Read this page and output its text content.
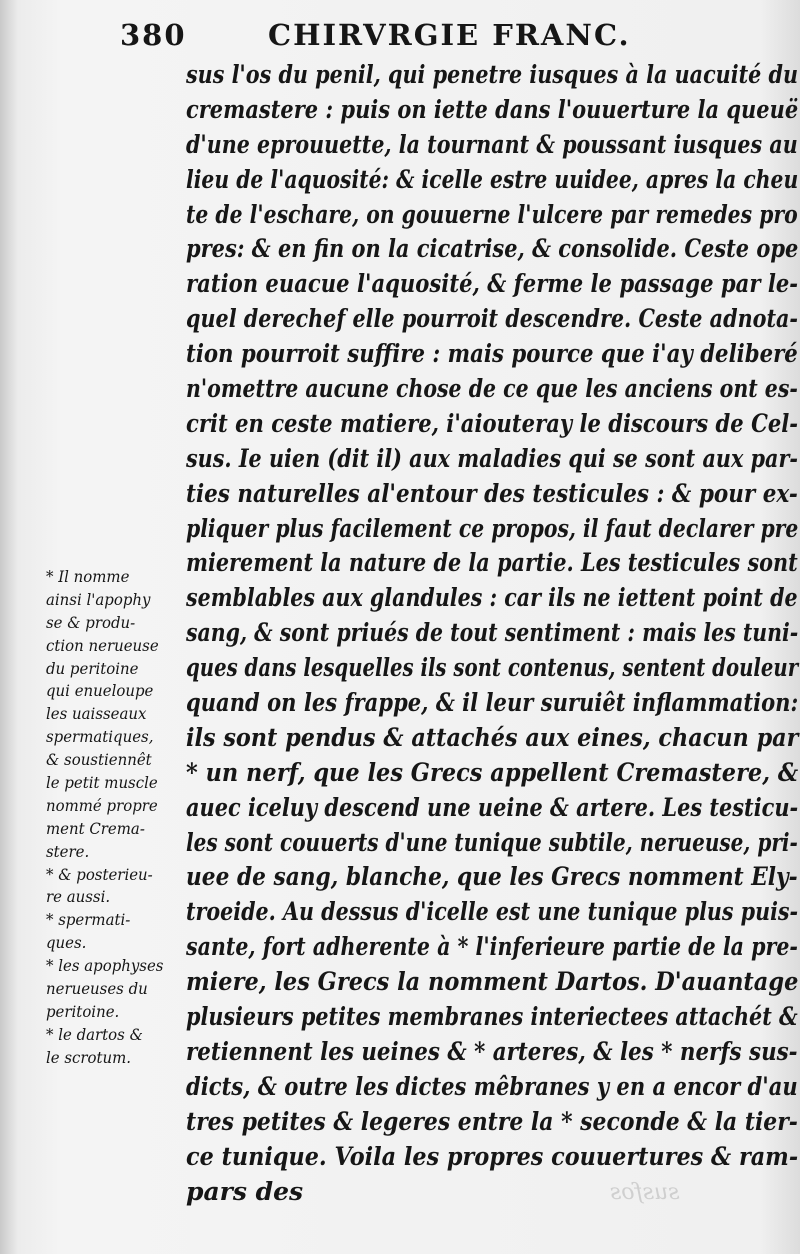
380	CHIRVRGIE FRANC.
sus l'os du penil, qui penetre iusques à la uacuité du
cremastere : puis on iette dans l'ouuerture la queuë
d'une eprouuette, la tournant & poussant iusques au
lieu de l'aquosité: & icelle estre uuidee, apres la cheu
te de l'eschare, on gouuerne l'ulcere par remedes pro
pres: & en fin on la cicatrise, & consolide. Ceste ope
ration euacue l'aquosité, & ferme le passage par le-
quel derechef elle pourroit descendre. Ceste adnota-
tion pourroit suffire : mais pource que i'ay deliberé
n'omettre aucune chose de ce que les anciens ont es-
crit en ceste matiere, i'aiouteray le discours de Cel-
sus. Ie uien (dit il) aux maladies qui se sont aux par-
ties naturelles al'entour des testicules : & pour ex-
pliquer plus facilement ce propos, il faut declarer pre
mierement la nature de la partie. Les testicules sont
semblables aux glandules : car ils ne iettent point de
sang, & sont priués de tout sentiment : mais les tuni-
ques dans lesquelles ils sont contenus, sentent douleur
quand on les frappe, & il leur suruiêt inflammation:
ils sont pendus & attachés aux eines, chacun par
* un nerf, que les Grecs appellent Cremastere, &
auec iceluy descend une ueine & artere. Les testicu-
les sont couuerts d'une tunique subtile, nerueuse, pri-
uee de sang, blanche, que les Grecs nomment Ely-
troeide. Au dessus d'icelle est une tunique plus puis-
sante, fort adherente à * l'inferieure partie de la pre-
miere, les Grecs la nomment Dartos. D'auantage
plusieurs petites membranes interiectees attachét &
retiennent les ueines & * arteres, & les * nerfs sus-
dicts, & outre les dictes mêbranes y en a encor d'au
tres petites & legeres entre la * seconde & la tier-
ce tunique. Voila les propres couuertures & ram-
pars des
* Il nomme
ainsi l'apophy
se & produ-
ction nerueuse
du peritoine
qui enueloupe
les uaisseaux
spermatiques,
& soustiennêt
le petit muscle
nommé propre
ment Crema-
stere.
* & posterieu-
re aussi.
* spermati-
ques.
* les apophyses
nerueuses du
peritoine.
* le dartos &
le scrotum.
susfos
